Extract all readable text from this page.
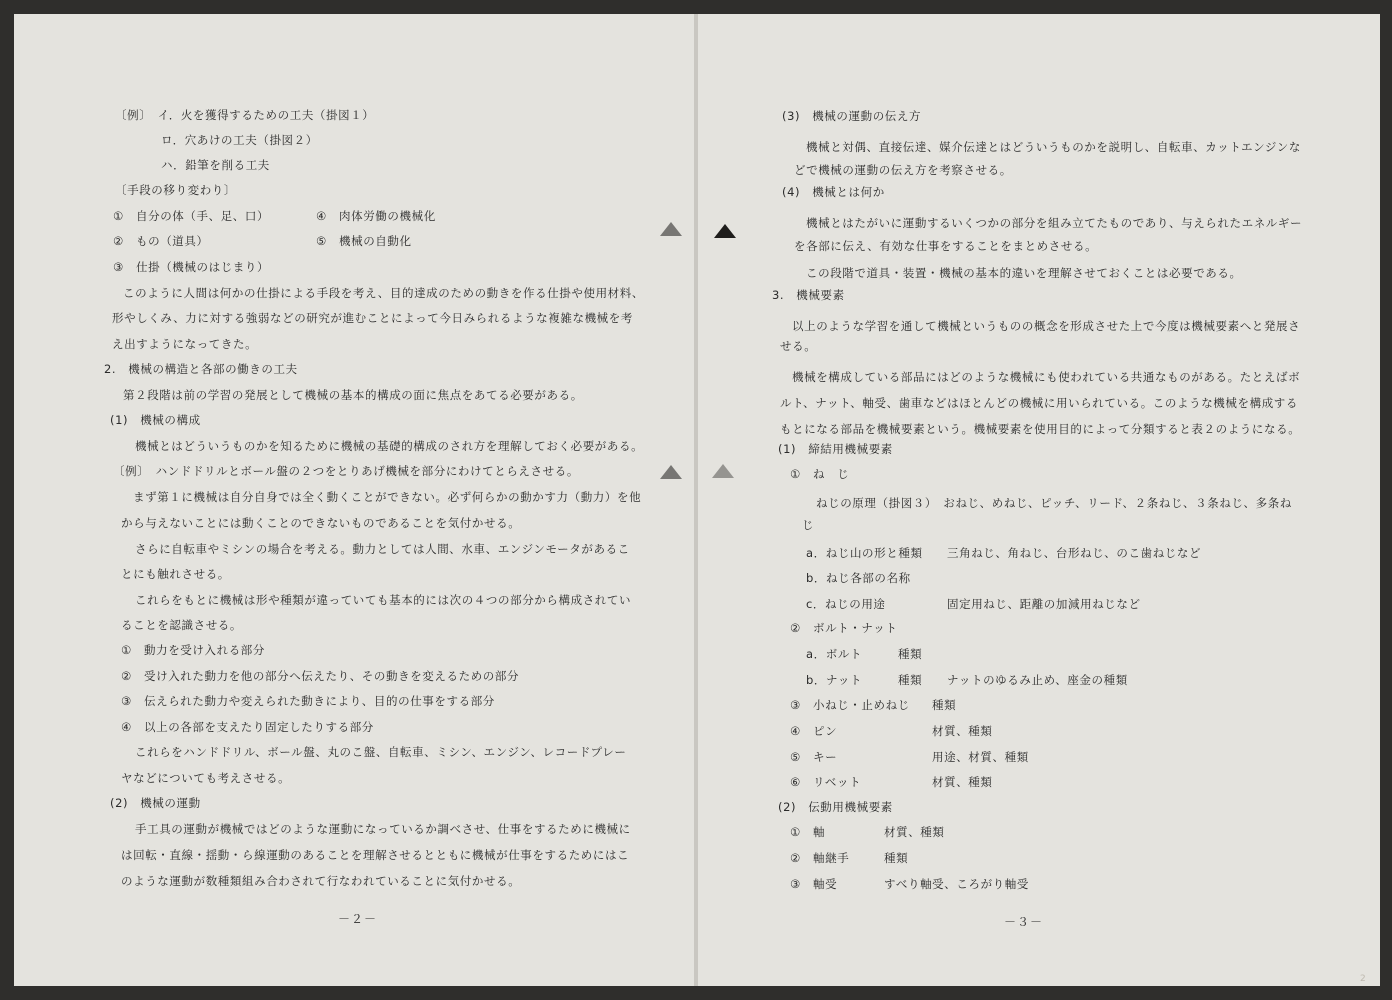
〔例〕　イ．火を獲得するための工夫（掛図１）
ロ．穴あけの工夫（掛図２）
ハ．鉛筆を削る工夫
〔手段の移り変わり〕
①　自分の体（手、足、口）	④　肉体労働の機械化
②　もの（道具）	⑤　機械の自動化
③　仕掛（機械のはじまり）
このように人間は何かの仕掛による手段を考え、目的達成のための動きを作る仕掛や使用材料、
形やしくみ、力に対する強弱などの研究が進むことによって今日みられるような複雑な機械を考
え出すようになってきた。
2.　機械の構造と各部の働きの工夫
第２段階は前の学習の発展として機械の基本的構成の面に焦点をあてる必要がある。
(1)　機械の構成
機械とはどういうものかを知るために機械の基礎的構成のされ方を理解しておく必要がある。
〔例〕　ハンドドリルとボール盤の２つをとりあげ機械を部分にわけてとらえさせる。
まず第１に機械は自分自身では全く動くことができない。必ず何らかの動かす力（動力）を他
から与えないことには動くことのできないものであることを気付かせる。
さらに自転車やミシンの場合を考える。動力としては人間、水車、エンジンモータがあるこ
とにも触れさせる。
これらをもとに機械は形や種類が違っていても基本的には次の４つの部分から構成されてい
ることを認識させる。
①　動力を受け入れる部分
②　受け入れた動力を他の部分へ伝えたり、その動きを変えるための部分
③　伝えられた動力や変えられた動きにより、目的の仕事をする部分
④　以上の各部を支えたり固定したりする部分
これらをハンドドリル、ボール盤、丸のこ盤、自転車、ミシン、エンジン、レコードプレー
ヤなどについても考えさせる。
(2)　機械の運動
手工具の運動が機械ではどのような運動になっているか調べさせ、仕事をするために機械に
は回転・直線・揺動・ら線運動のあることを理解させるとともに機械が仕事をするためにはこ
のような運動が数種類組み合わされて行なわれていることに気付かせる。
－２－
(3)　機械の運動の伝え方
機械と対偶、直接伝達、媒介伝達とはどういうものかを説明し、自転車、カットエンジンな
どで機械の運動の伝え方を考察させる。
(4)　機械とは何か
機械とはたがいに運動するいくつかの部分を組み立てたものであり、与えられたエネルギー
を各部に伝え、有効な仕事をすることをまとめさせる。
この段階で道具・装置・機械の基本的違いを理解させておくことは必要である。
3.　機械要素
以上のような学習を通して機械というものの概念を形成させた上で今度は機械要素へと発展さ
せる。
機械を構成している部品にはどのような機械にも使われている共通なものがある。たとえばボ
ルト、ナット、軸受、歯車などはほとんどの機械に用いられている。このような機械を構成する
もとになる部品を機械要素という。機械要素を使用目的によって分類すると表２のようになる。
(1)　締結用機械要素
①　ね　じ
ねじの原理（掛図３）　おねじ、めねじ、ピッチ、リード、２条ねじ、３条ねじ、多条ね
じ
a．ねじ山の形と種類 三角ねじ、角ねじ、台形ねじ、のこ歯ねじなど
b．ねじ各部の名称
c．ねじの用途	固定用ねじ、距離の加減用ねじなど
②　ボルト・ナット
a．ボルト	種類
b．ナット	種類 ナットのゆるみ止め、座金の種類
③　小ねじ・止めねじ 種類
④　ピン	材質、種類
⑤　キー	用途、材質、種類
⑥　リベット	材質、種類
(2)　伝動用機械要素
①　軸	材質、種類
②　軸継手	種類
③　軸受	すべり軸受、ころがり軸受
－３－
2
